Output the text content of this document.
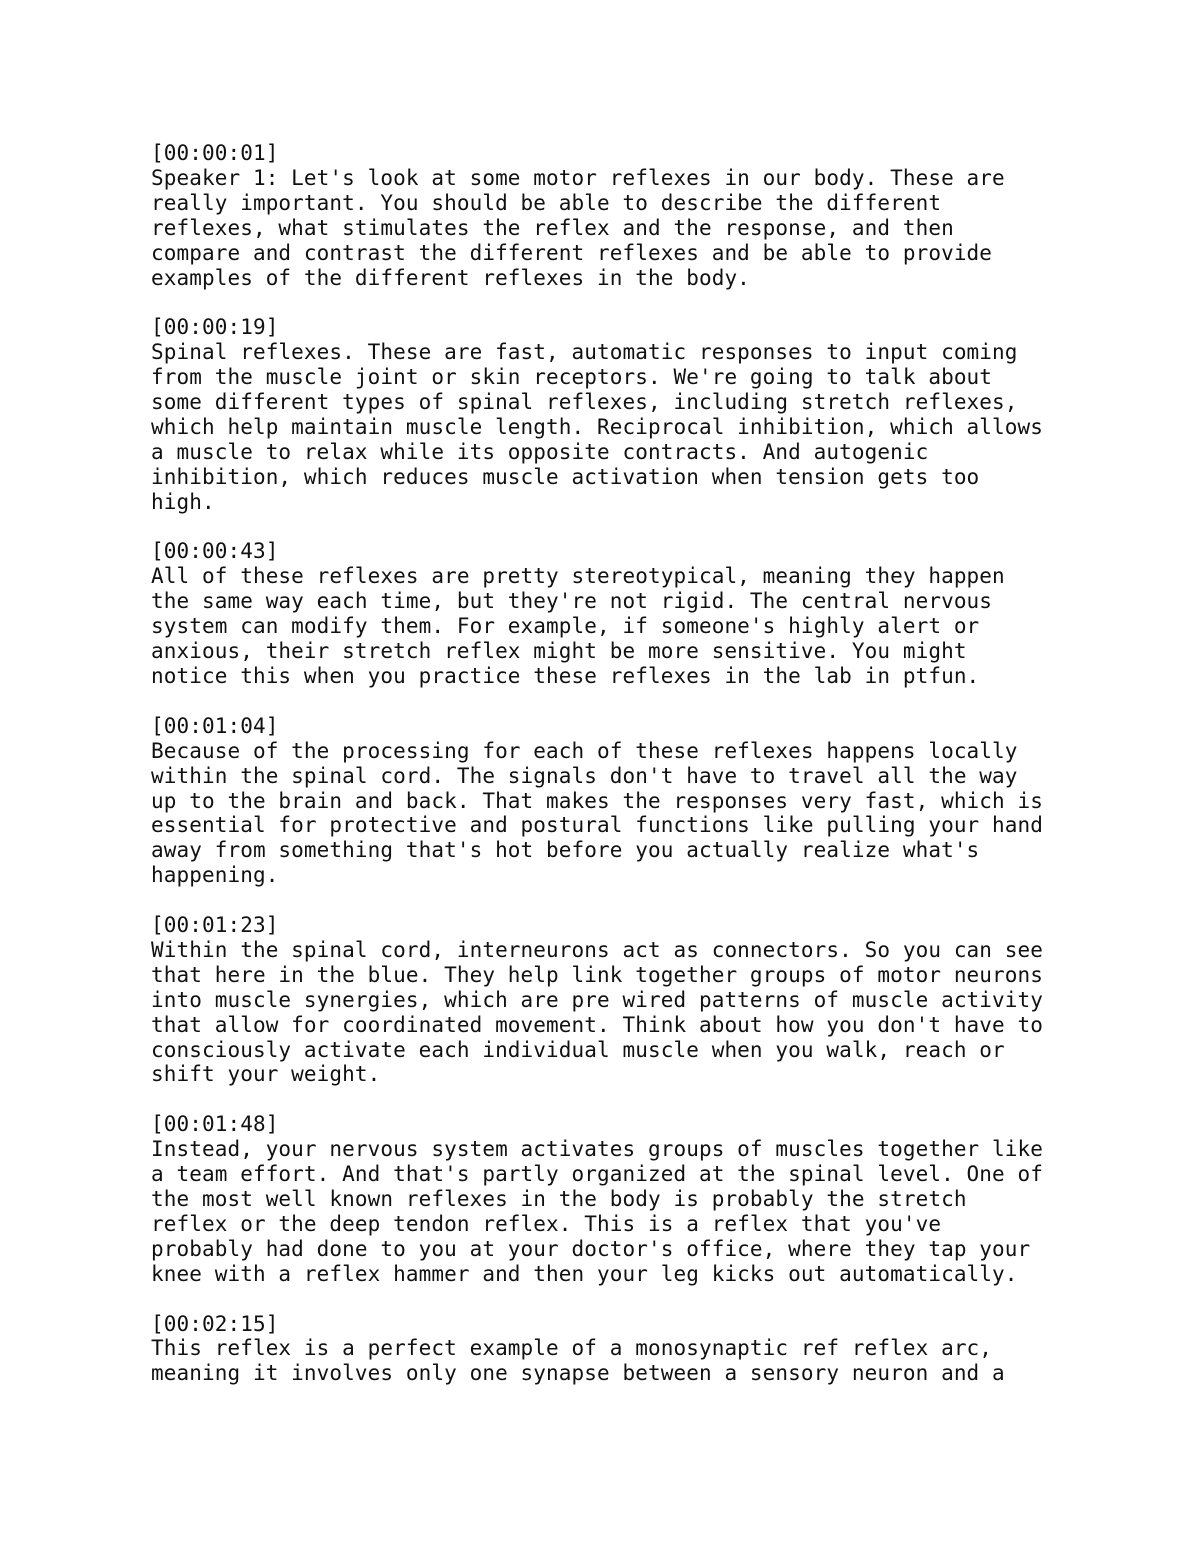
[00:00:01]
Speaker 1: Let's look at some motor reflexes in our body. These are
really important. You should be able to describe the different
reflexes, what stimulates the reflex and the response, and then
compare and contrast the different reflexes and be able to provide
examples of the different reflexes in the body.
[00:00:19]
Spinal reflexes. These are fast, automatic responses to input coming
from the muscle joint or skin receptors. We're going to talk about
some different types of spinal reflexes, including stretch reflexes,
which help maintain muscle length. Reciprocal inhibition, which allows
a muscle to relax while its opposite contracts. And autogenic
inhibition, which reduces muscle activation when tension gets too
high.
[00:00:43]
All of these reflexes are pretty stereotypical, meaning they happen
the same way each time, but they're not rigid. The central nervous
system can modify them. For example, if someone's highly alert or
anxious, their stretch reflex might be more sensitive. You might
notice this when you practice these reflexes in the lab in ptfun.
[00:01:04]
Because of the processing for each of these reflexes happens locally
within the spinal cord. The signals don't have to travel all the way
up to the brain and back. That makes the responses very fast, which is
essential for protective and postural functions like pulling your hand
away from something that's hot before you actually realize what's
happening.
[00:01:23]
Within the spinal cord, interneurons act as connectors. So you can see
that here in the blue. They help link together groups of motor neurons
into muscle synergies, which are pre wired patterns of muscle activity
that allow for coordinated movement. Think about how you don't have to
consciously activate each individual muscle when you walk, reach or
shift your weight.
[00:01:48]
Instead, your nervous system activates groups of muscles together like
a team effort. And that's partly organized at the spinal level. One of
the most well known reflexes in the body is probably the stretch
reflex or the deep tendon reflex. This is a reflex that you've
probably had done to you at your doctor's office, where they tap your
knee with a reflex hammer and then your leg kicks out automatically.
[00:02:15]
This reflex is a perfect example of a monosynaptic ref reflex arc,
meaning it involves only one synapse between a sensory neuron and a
